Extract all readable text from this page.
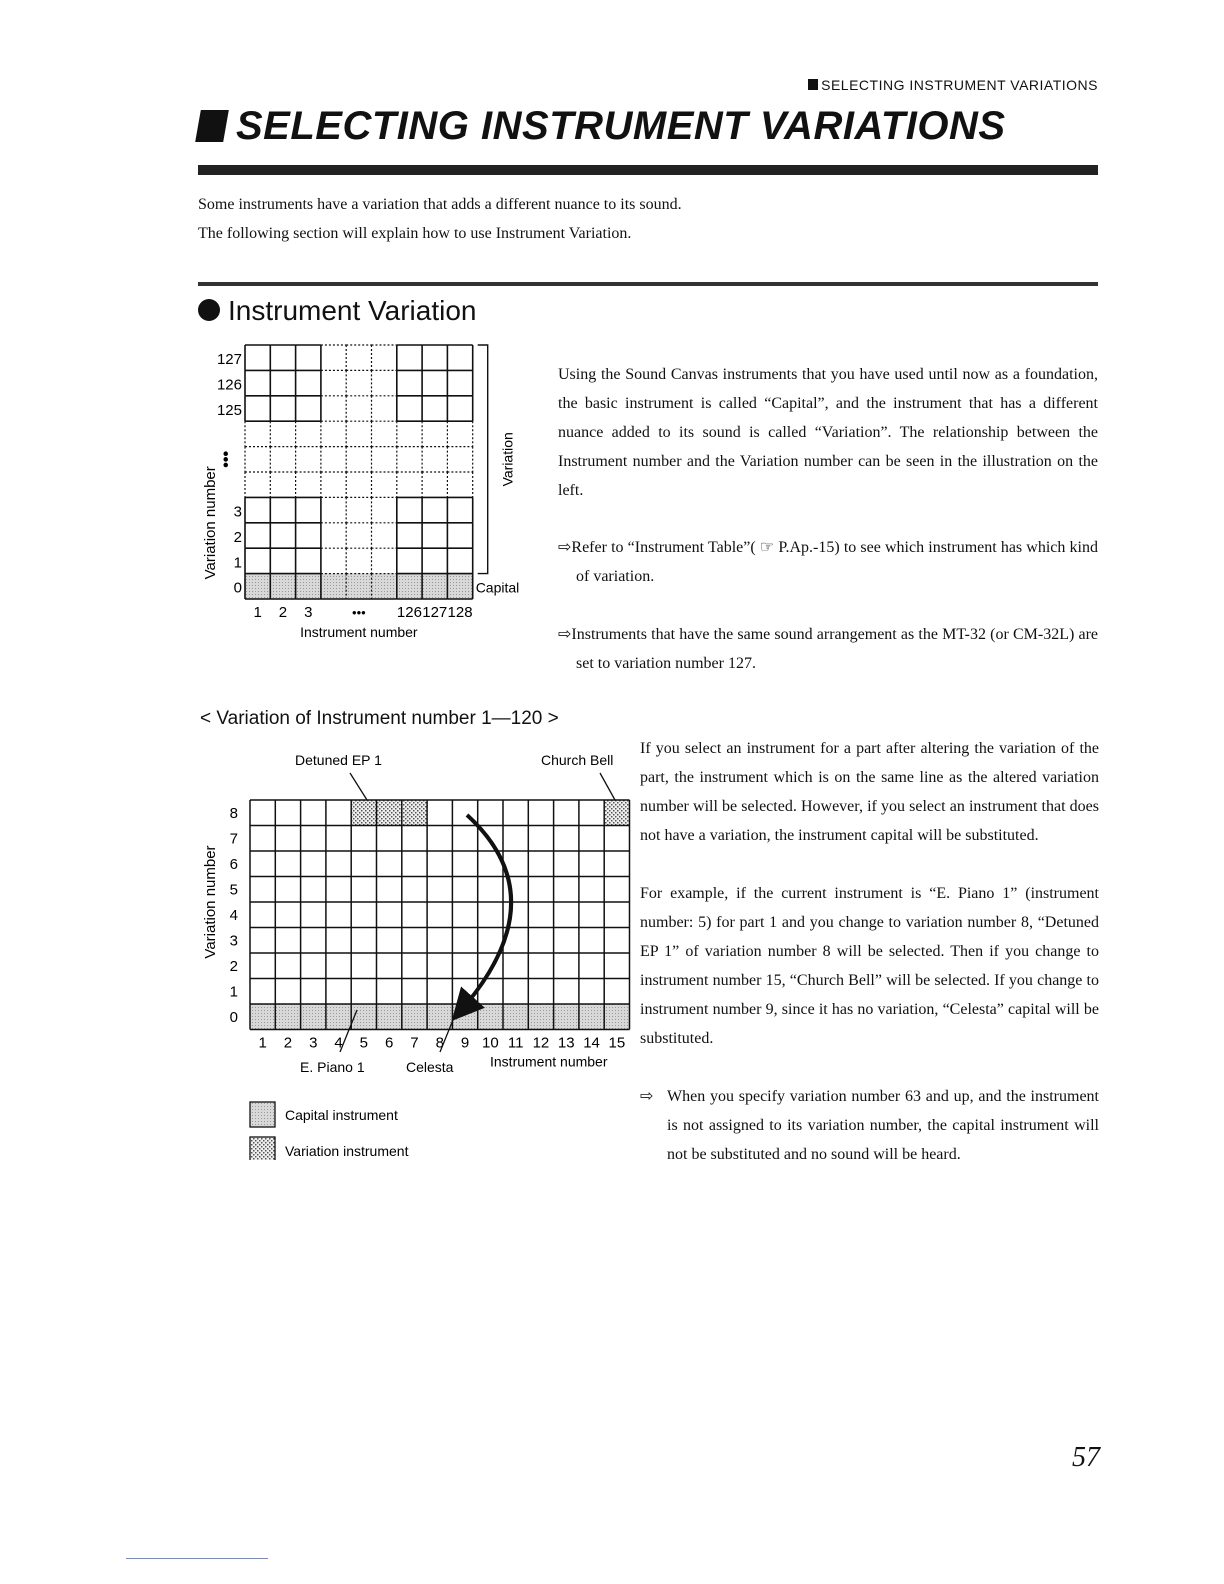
SELECTING INSTRUMENT VARIATIONS
SELECTING INSTRUMENT VARIATIONS
Some instruments have a variation that adds a different nuance to its sound.
The following section will explain how to use Instrument Variation.
Instrument Variation
127
126
125
3
2
1
0
•••
Variation number
1 2 3	126 127 128
•••
Instrument number
Variation
Capital
Using the Sound Canvas instruments that you have used until now as a foundation, the basic instrument is called “Capital”, and the instrument that has a different nuance added to its sound is called “Variation”. The relationship between the Instrument number and the Variation number can be seen in the illustration on the left.
⇨Refer to “Instrument Table”( ☞ P.Ap.-15) to see which instrument has which kind of variation.
⇨Instruments that have the same sound arrangement as the MT-32 (or CM-32L) are set to variation number 127.
< Variation of Instrument number 1—120 >
0
1
2
3
4
5
6
7
8
Variation number
1 2 3 4 5 6 7 8 9 10 11 12 13 14 15
Instrument number
Detuned EP 1	Church Bell
E. Piano 1	Celesta
Capital instrument
Variation instrument
If you select an instrument for a part after altering the variation of the part, the instrument which is on the same line as the altered variation number will be selected. However, if you select an instrument that does not have a variation, the instrument capital will be substituted.
For example, if the current instrument is “E. Piano 1” (instrument number: 5) for part 1 and you change to variation number 8, “Detuned EP 1” of variation number 8 will be selected. Then if you change to instrument number 15, “Church Bell” will be selected. If you change to instrument number 9, since it has no variation, “Celesta” capital will be substituted.
⇨ When you specify variation number 63 and up, and the instrument is not assigned to its variation number, the capital instrument will not be substituted and no sound will be heard.
57
